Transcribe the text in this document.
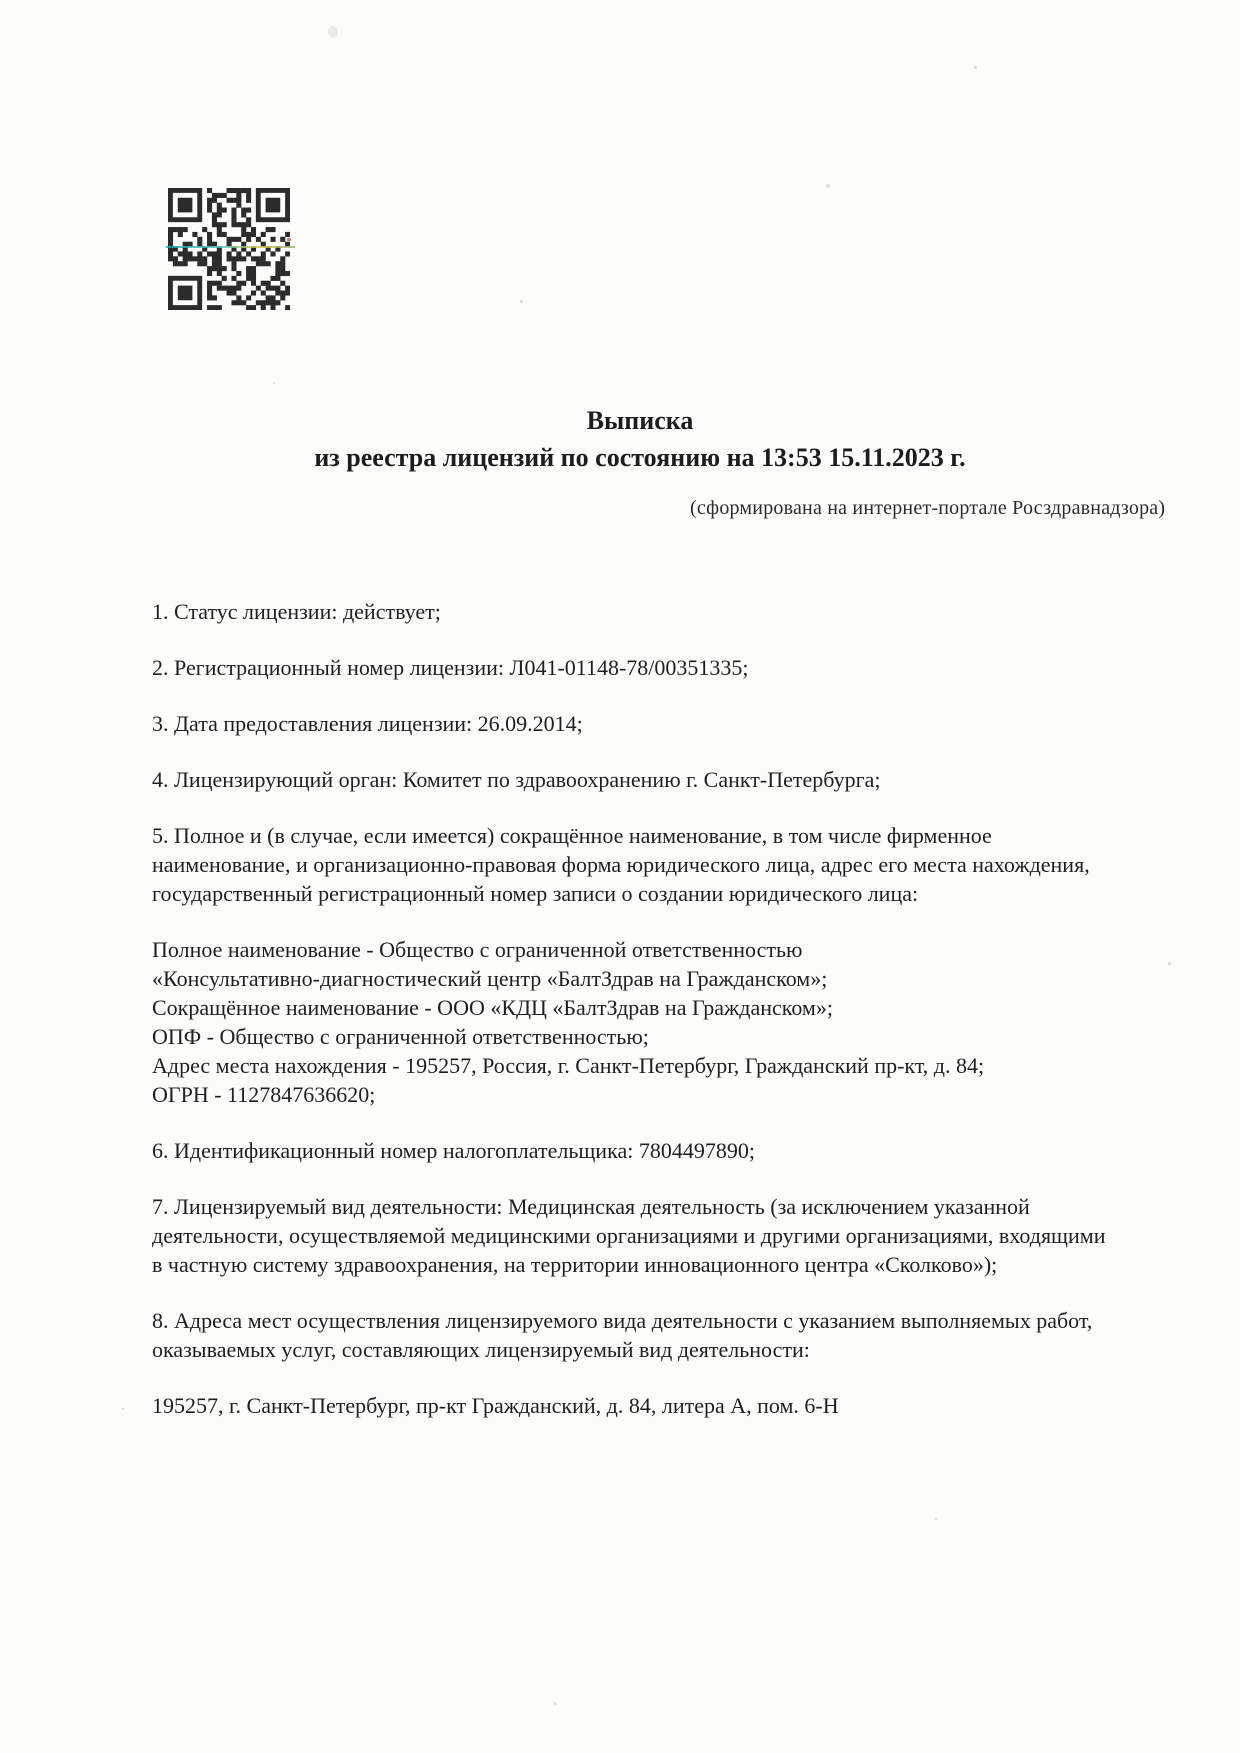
Выписка
из реестра лицензий по состоянию на 13:53 15.11.2023 г.
(сформирована на интернет-портале Росздравнадзора)

1. Статус лицензии: действует;

2. Регистрационный номер лицензии: Л041-01148-78/00351335;

3. Дата предоставления лицензии: 26.09.2014;

4. Лицензирующий орган: Комитет по здравоохранению г. Санкт-Петербурга;

5. Полное и (в случае, если имеется) сокращённое наименование, в том числе фирменное наименование, и организационно-правовая форма юридического лица, адрес его места нахождения, государственный регистрационный номер записи о создании юридического лица:

Полное наименование - Общество с ограниченной ответственностью
«Консультативно-диагностический центр «БалтЗдрав на Гражданском»;
Сокращённое наименование - ООО «КДЦ «БалтЗдрав на Гражданском»;
ОПФ - Общество с ограниченной ответственностью;
Адрес места нахождения - 195257, Россия, г. Санкт-Петербург, Гражданский пр-кт, д. 84;
ОГРН - 1127847636620;

6. Идентификационный номер налогоплательщика: 7804497890;

7. Лицензируемый вид деятельности: Медицинская деятельность (за исключением указанной деятельности, осуществляемой медицинскими организациями и другими организациями, входящими в частную систему здравоохранения, на территории инновационного центра «Сколково»);

8. Адреса мест осуществления лицензируемого вида деятельности с указанием выполняемых работ, оказываемых услуг, составляющих лицензируемый вид деятельности:

195257, г. Санкт-Петербург, пр-кт Гражданский, д. 84, литера А, пом. 6-Н
